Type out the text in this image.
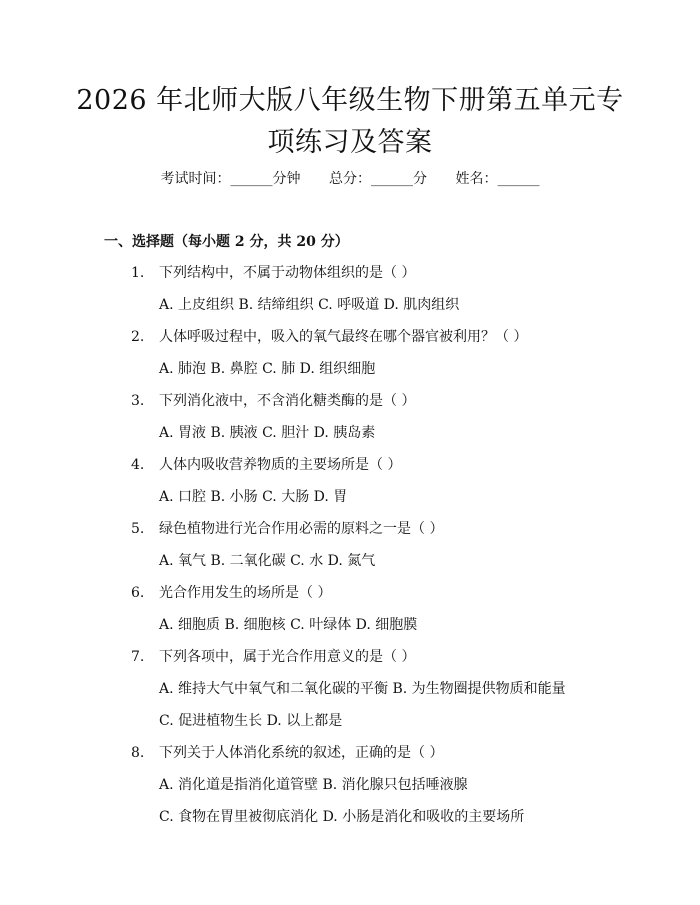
2026 年北师大版八年级生物下册第五单元专
项练习及答案
考试时间：______分钟 总分：______分 姓名：______
一、选择题（每小题 2 分，共 20 分）
1. 下列结构中，不属于动物体组织的是（ ）
A. 上皮组织 B. 结缔组织 C. 呼吸道 D. 肌肉组织
2. 人体呼吸过程中，吸入的氧气最终在哪个器官被利用？（ ）
A. 肺泡 B. 鼻腔 C. 肺 D. 组织细胞
3. 下列消化液中，不含消化糖类酶的是（ ）
A. 胃液 B. 胰液 C. 胆汁 D. 胰岛素
4. 人体内吸收营养物质的主要场所是（ ）
A. 口腔 B. 小肠 C. 大肠 D. 胃
5. 绿色植物进行光合作用必需的原料之一是（ ）
A. 氧气 B. 二氧化碳 C. 水 D. 氮气
6. 光合作用发生的场所是（ ）
A. 细胞质 B. 细胞核 C. 叶绿体 D. 细胞膜
7. 下列各项中，属于光合作用意义的是（ ）
A. 维持大气中氧气和二氧化碳的平衡 B. 为生物圈提供物质和能量
C. 促进植物生长 D. 以上都是
8. 下列关于人体消化系统的叙述，正确的是（ ）
A. 消化道是指消化道管壁 B. 消化腺只包括唾液腺
C. 食物在胃里被彻底消化 D. 小肠是消化和吸收的主要场所
